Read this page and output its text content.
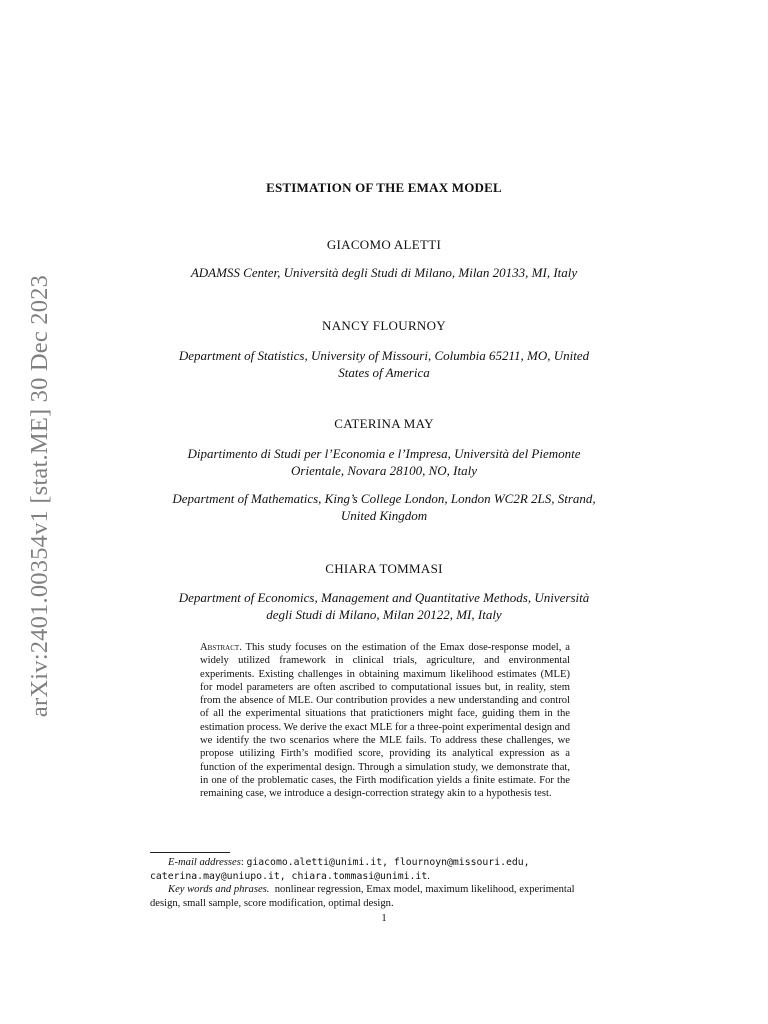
arXiv:2401.00354v1 [stat.ME] 30 Dec 2023
ESTIMATION OF THE EMAX MODEL
GIACOMO ALETTI
ADAMSS Center, Università degli Studi di Milano, Milan 20133, MI, Italy
NANCY FLOURNOY
Department of Statistics, University of Missouri, Columbia 65211, MO, United
States of America
CATERINA MAY
Dipartimento di Studi per l’Economia e l’Impresa, Università del Piemonte
Orientale, Novara 28100, NO, Italy
Department of Mathematics, King’s College London, London WC2R 2LS, Strand,
United Kingdom
CHIARA TOMMASI
Department of Economics, Management and Quantitative Methods, Università
degli Studi di Milano, Milan 20122, MI, Italy
Abstract. This study focuses on the estimation of the Emax dose-response model, a widely utilized framework in clinical trials, agriculture, and environmental experiments. Existing challenges in obtaining maximum likelihood estimates (MLE) for model parameters are often ascribed to computational issues but, in reality, stem from the absence of MLE. Our contribution provides a new understanding and control of all the experimental situations that pratictioners might face, guiding them in the estimation process. We derive the exact MLE for a three-point experimental design and we identify the two scenarios where the MLE fails. To address these challenges, we propose utilizing Firth’s modified score, providing its analytical expression as a function of the experimental design. Through a simulation study, we demonstrate that, in one of the problematic cases, the Firth modification yields a finite estimate. For the remaining case, we introduce a design-correction strategy akin to a hypothesis test.
E-mail addresses: giacomo.aletti@unimi.it, flournoyn@missouri.edu,
caterina.may@uniupo.it, chiara.tommasi@unimi.it.
Key words and phrases. nonlinear regression, Emax model, maximum likelihood, experimental
design, small sample, score modification, optimal design.
1
